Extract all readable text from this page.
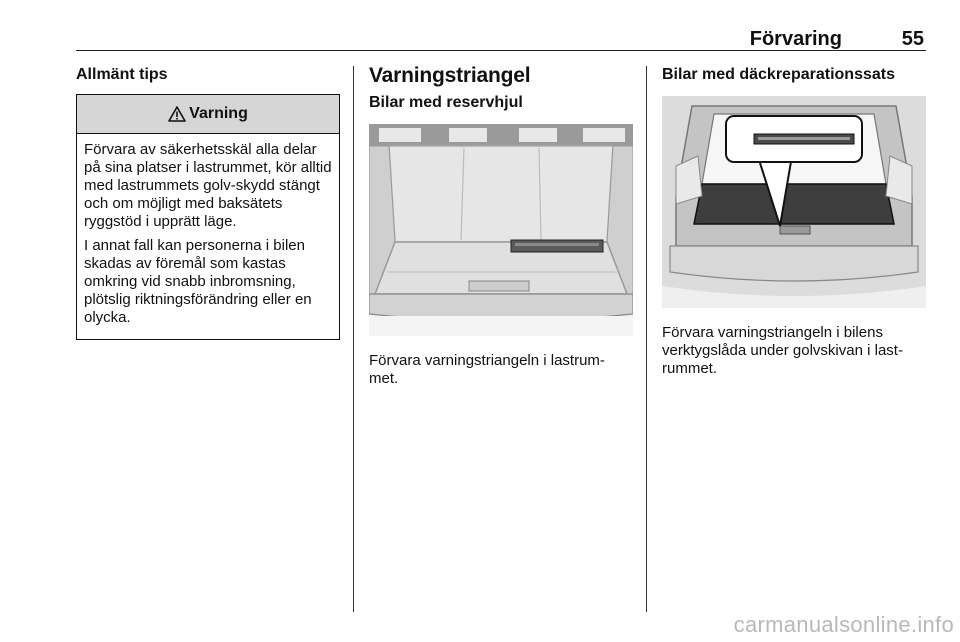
Förvaring	55
Allmänt tips
Varning

Förvara av säkerhetsskäl alla delar på sina platser i lastrummet, kör alltid med lastrummets golv-skydd stängt och om möjligt med baksätets ryggstöd i upprätt läge.

I annat fall kan personerna i bilen skadas av föremål som kastas omkring vid snabb inbromsning, plötslig riktningsförändring eller en olycka.

Varningstriangel
Bilar med reservhjul

Förvara varningstriangeln i lastrum-met.

Bilar med däckreparationssats

Förvara varningstriangeln i bilens verktygslåda under golvskivan i last-rummet.

carmanualsonline.info
